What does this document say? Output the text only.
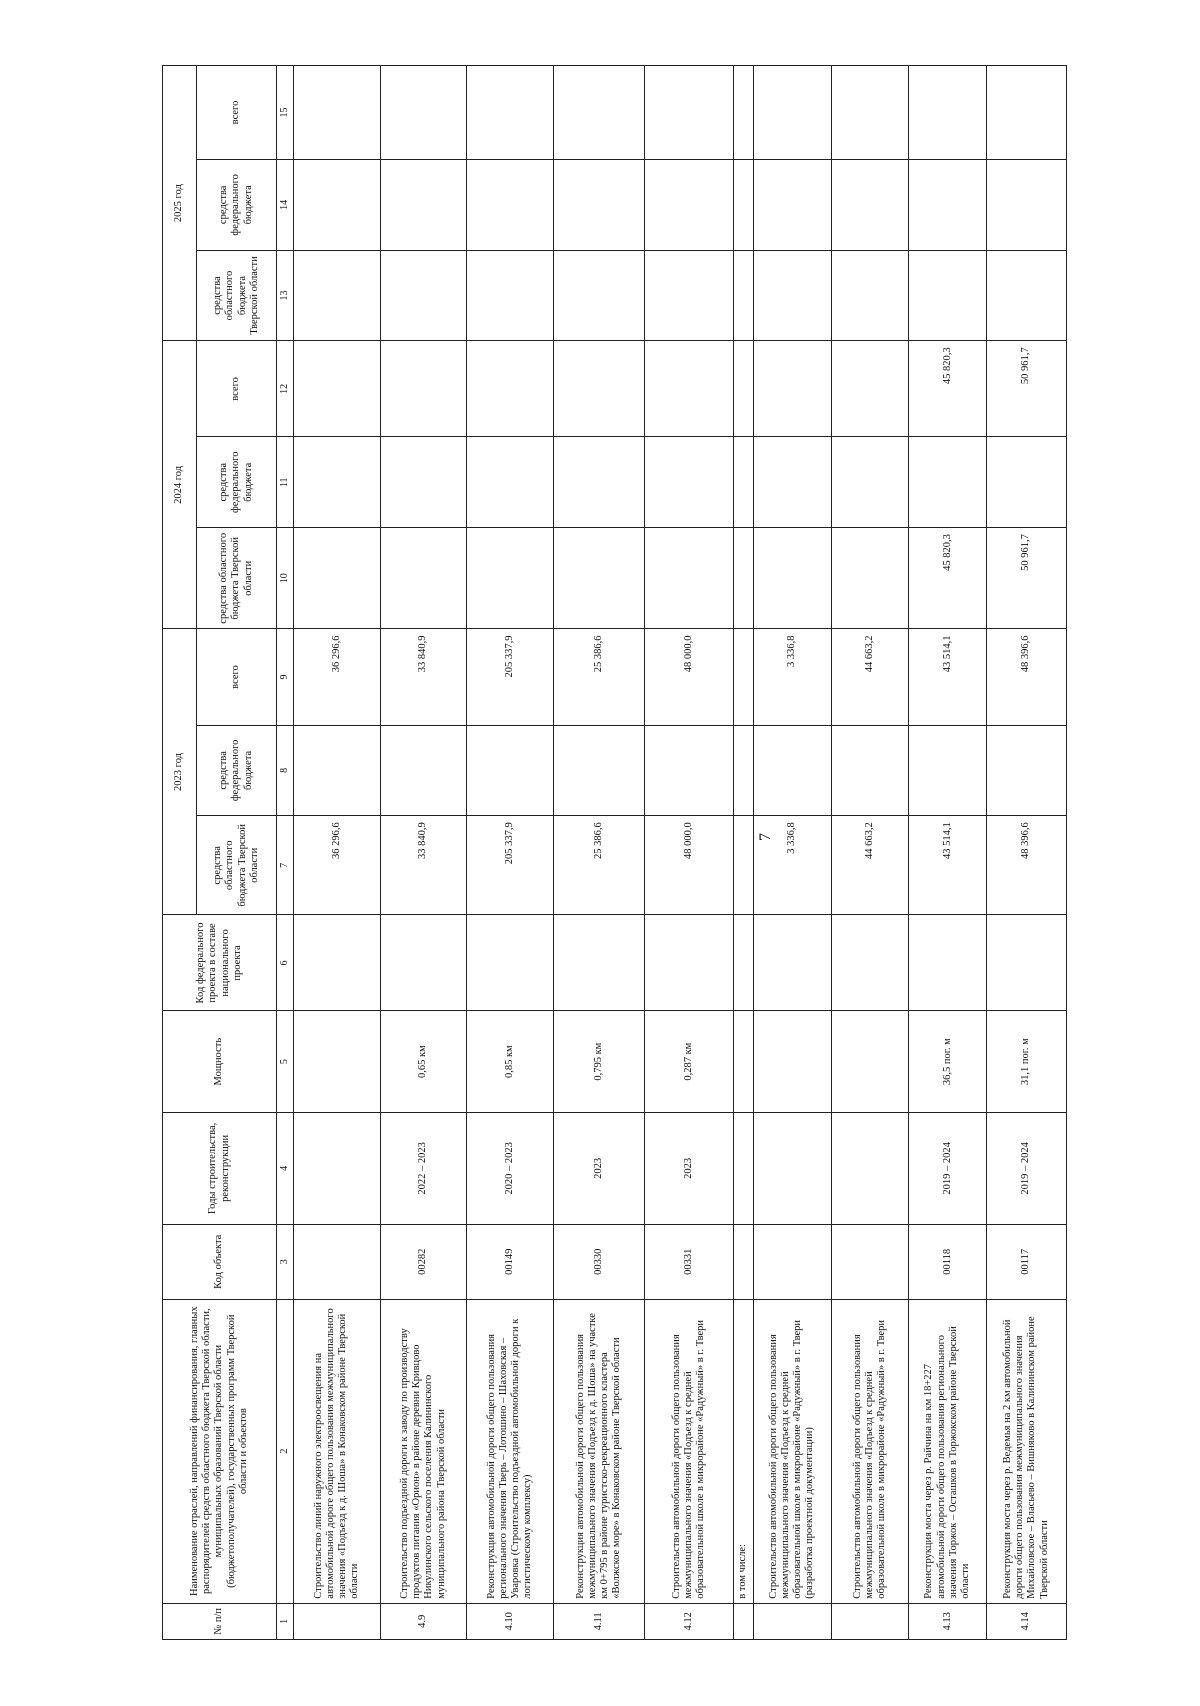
7
№ п/п	Наименование отраслей, направлений финансирования, главных распорядителей средств областного бюджета Тверской области, муниципальных образований Тверской области (бюджетополучателей), государственных программ Тверской области и объектов	Код объекта	Годы строительства, реконструкции	Мощность	Код федерального проекта в составе национального проекта	2023 год			2024 год			2025 год		
						средства областного бюджета Тверской области	средства федерального бюджета	всего	средства областного бюджета Тверской области	средства федерального бюджета	всего	средства областного бюджета Тверской области	средства федерального бюджета	всего
1	2	3	4	5	6	7	8	9	10	11	12	13	14	15
	Строительство линий наружного электроосвещения на автомобильной дороге общего пользования межмуниципального значения «Подъезд к д. Шоша» в Конаковском районе Тверской области					36 296,6		36 296,6						
4.9	Строительство подъездной дороги к заводу по производству продуктов питания «Орион» в районе деревни Кривцово Никулинского сельского поселения Калининского муниципального района Тверской области	00282	2022 – 2023	0,65 км		33 840,9		33 840,9						
4.10	Реконструкция автомобильной дороги общего пользования регионального значения Тверь – Лотошино – Шаховская – Уваровка (Строительство подъездной автомобильной дороги к логистическому комплексу)	00149	2020 – 2023	0,85 км		205 337,9		205 337,9						
4.11	Реконструкция автомобильной дороги общего пользования межмуниципального значения «Подъезд к д. Шоша» на участке км 0+795 в районе туристско-рекреационного кластера «Волжское море» в Конаковском районе Тверской области	00330	2023	0,795 км		25 386,6		25 386,6						
4.12	Строительство автомобильной дороги общего пользования межмуниципального значения «Подъезд к средней образовательной школе в микрорайоне «Радужный» в г. Твери	00331	2023	0,287 км		48 000,0		48 000,0						
	в том числе:													
	Строительство автомобильной дороги общего пользования межмуниципального значения «Подъезд к средней образовательной школе в микрорайоне «Радужный» в г. Твери (разработка проектной документации)					3 336,8		3 336,8						
	Строительство автомобильной дороги общего пользования межмуниципального значения «Подъезд к средней образовательной школе в микрорайоне «Радужный» в г. Твери					44 663,2		44 663,2						
4.13	Реконструкция моста через р. Райчина на км 18+227 автомобильной дороги общего пользования регионального значения Торжок – Осташков в Торжокском районе Тверской области	00118	2019 – 2024	36,5 пог. м		43 514,1		43 514,1	45 820,3		45 820,3			
4.14	Реконструкция моста через р. Ведемья на 2 км автомобильной дороги общего пользования межмуниципального значения Михайловское – Власьево – Вишняково в Калининском районе Тверской области	00117	2019 – 2024	31,1 пог. м		48 396,6		48 396,6	50 961,7		50 961,7			
